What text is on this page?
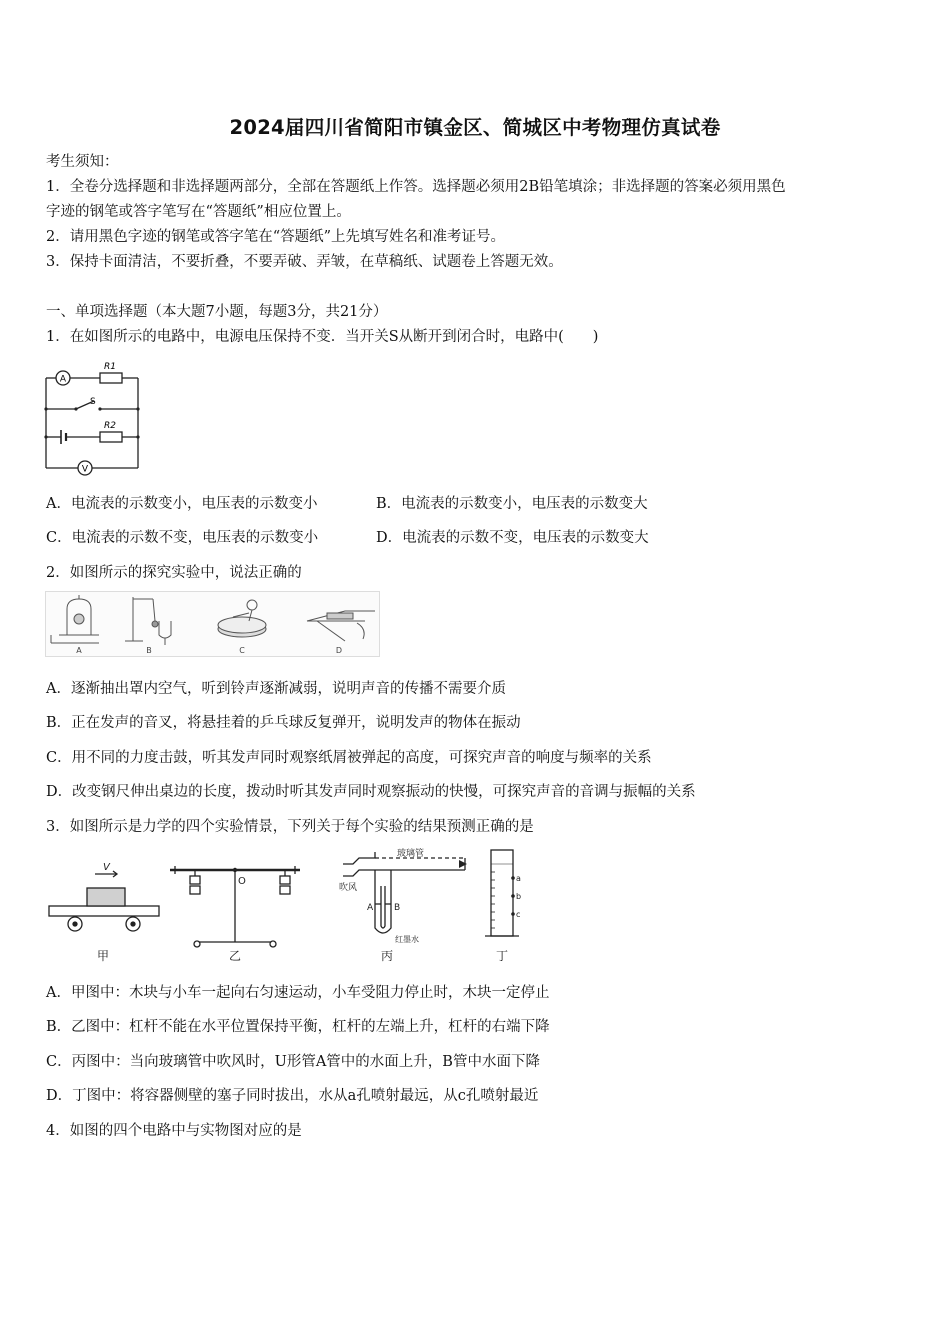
2024届四川省简阳市镇金区、简城区中考物理仿真试卷
考生须知：
1．全卷分选择题和非选择题两部分，全部在答题纸上作答。选择题必须用2B铅笔填涂；非选择题的答案必须用黑色
字迹的钢笔或答字笔写在“答题纸”相应位置上。
2．请用黑色字迹的钢笔或答字笔在“答题纸”上先填写姓名和准考证号。
3．保持卡面清洁，不要折叠，不要弄破、弄皱，在草稿纸、试题卷上答题无效。
一、单项选择题（本大题7小题，每题3分，共21分）
1．在如图所示的电路中，电源电压保持不变．当开关S从断开到闭合时，电路中(　　)
A
V
R1
R2
S
A．电流表的示数变小，电压表的示数变小	B．电流表的示数变小，电压表的示数变大
C．电流表的示数不变，电压表的示数变小	D．电流表的示数不变，电压表的示数变大
2．如图所示的探究实验中，说法正确的
A	B	C	D
A．逐渐抽出罩内空气，听到铃声逐渐减弱，说明声音的传播不需要介质
B．正在发声的音叉，将悬挂着的乒乓球反复弹开，说明发声的物体在振动
C．用不同的力度击鼓，听其发声同时观察纸屑被弹起的高度，可探究声音的响度与频率的关系
D．改变钢尺伸出桌边的长度，拨动时听其发声同时观察振动的快慢，可探究声音的音调与振幅的关系
3．如图所示是力学的四个实验情景，下列关于每个实验的结果预测正确的是
V
O
玻璃管
吹风
A B
红墨水
a
b
c
甲	乙	丙	丁
A．甲图中：木块与小车一起向右匀速运动，小车受阻力停止时，木块一定停止
B．乙图中：杠杆不能在水平位置保持平衡，杠杆的左端上升，杠杆的右端下降
C．丙图中：当向玻璃管中吹风时，U形管A管中的水面上升，B管中水面下降
D．丁图中：将容器侧壁的塞子同时拔出，水从a孔喷射最远，从c孔喷射最近
4．如图的四个电路中与实物图对应的是
